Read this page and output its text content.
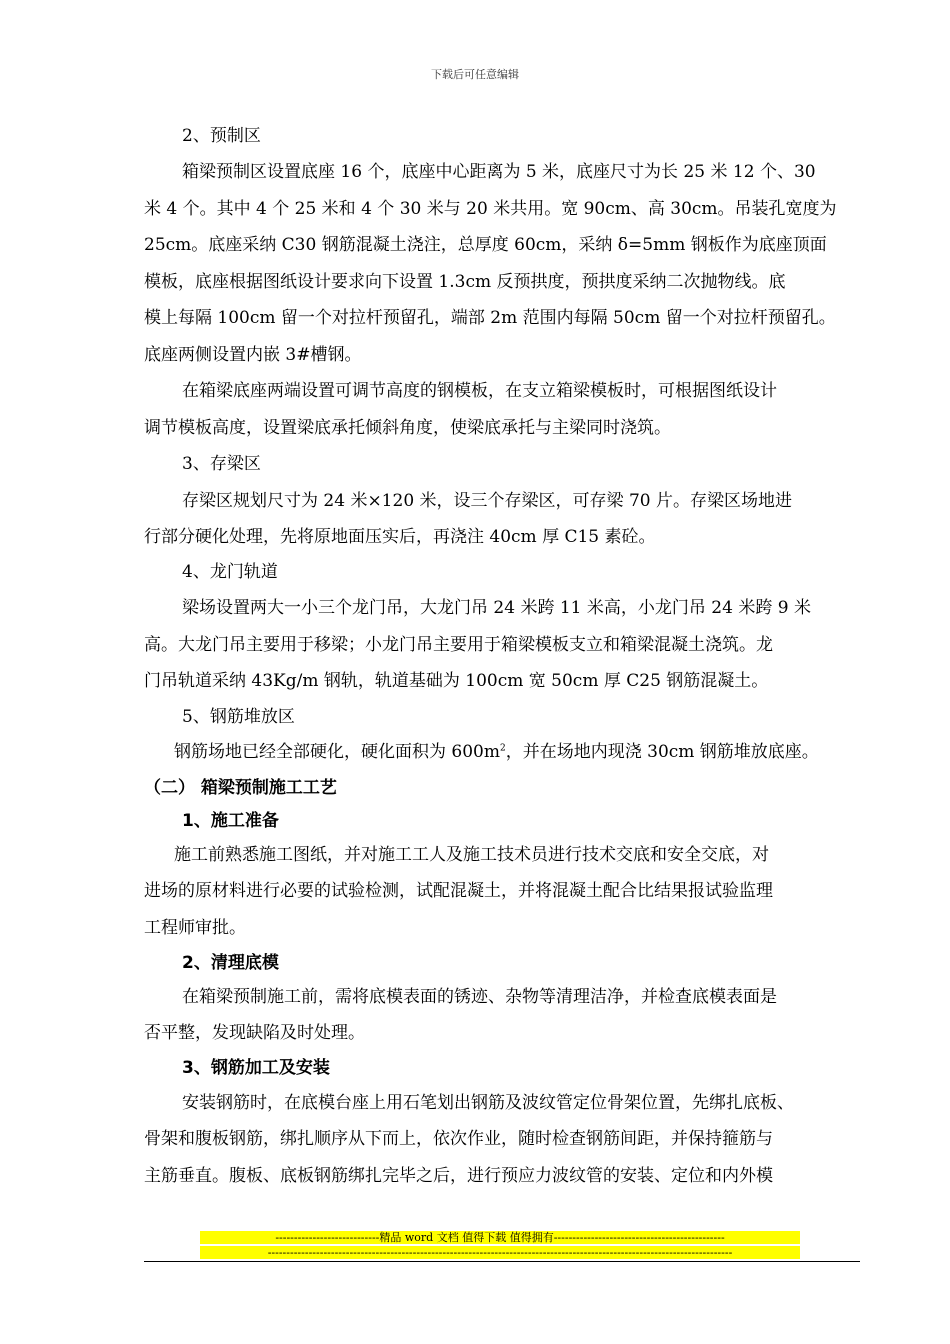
下载后可任意编辑
2、预制区
箱梁预制区设置底座 16 个，底座中心距离为 5 米，底座尺寸为长 25 米 12 个、30
米 4 个。其中 4 个 25 米和 4 个 30 米与 20 米共用。宽 90cm、高 30cm。吊装孔宽度为
25cm。底座采纳 C30 钢筋混凝土浇注，总厚度 60cm，采纳 δ=5mm 钢板作为底座顶面
模板，底座根据图纸设计要求向下设置 1.3cm 反预拱度，预拱度采纳二次抛物线。底
模上每隔 100cm 留一个对拉杆预留孔，端部 2m 范围内每隔 50cm 留一个对拉杆预留孔。
底座两侧设置内嵌 3#槽钢。
在箱梁底座两端设置可调节高度的钢模板，在支立箱梁模板时，可根据图纸设计
调节模板高度，设置梁底承托倾斜角度，使梁底承托与主梁同时浇筑。
3、存梁区
存梁区规划尺寸为 24 米×120 米，设三个存梁区，可存梁 70 片。存梁区场地进
行部分硬化处理，先将原地面压实后，再浇注 40cm 厚 C15 素砼。
4、龙门轨道
梁场设置两大一小三个龙门吊，大龙门吊 24 米跨 11 米高，小龙门吊 24 米跨 9 米
高。大龙门吊主要用于移梁；小龙门吊主要用于箱梁模板支立和箱梁混凝土浇筑。龙
门吊轨道采纳 43Kg/m 钢轨，轨道基础为 100cm 宽 50cm 厚 C25 钢筋混凝土。
5、钢筋堆放区
钢筋场地已经全部硬化，硬化面积为 $600m^2$，并在场地内现浇 30cm 钢筋堆放底座。
（二） 箱梁预制施工工艺
1、施工准备
施工前熟悉施工图纸，并对施工工人及施工技术员进行技术交底和安全交底，对
进场的原材料进行必要的试验检测，试配混凝土，并将混凝土配合比结果报试验监理
工程师审批。
2、清理底模
在箱梁预制施工前，需将底模表面的锈迹、杂物等清理洁净，并检查底模表面是
否平整，发现缺陷及时处理。
3、钢筋加工及安装
安装钢筋时，在底模台座上用石笔划出钢筋及波纹管定位骨架位置，先绑扎底板、
骨架和腹板钢筋，绑扎顺序从下而上，依次作业，随时检查钢筋间距，并保持箍筋与
主筋垂直。腹板、底板钢筋绑扎完毕之后，进行预应力波纹管的安装、定位和内外模
----------------------------精品 word 文档 值得下载 值得拥有----------------------------------------------
-----------------------------------------------------------------------------------------------------------------------------
